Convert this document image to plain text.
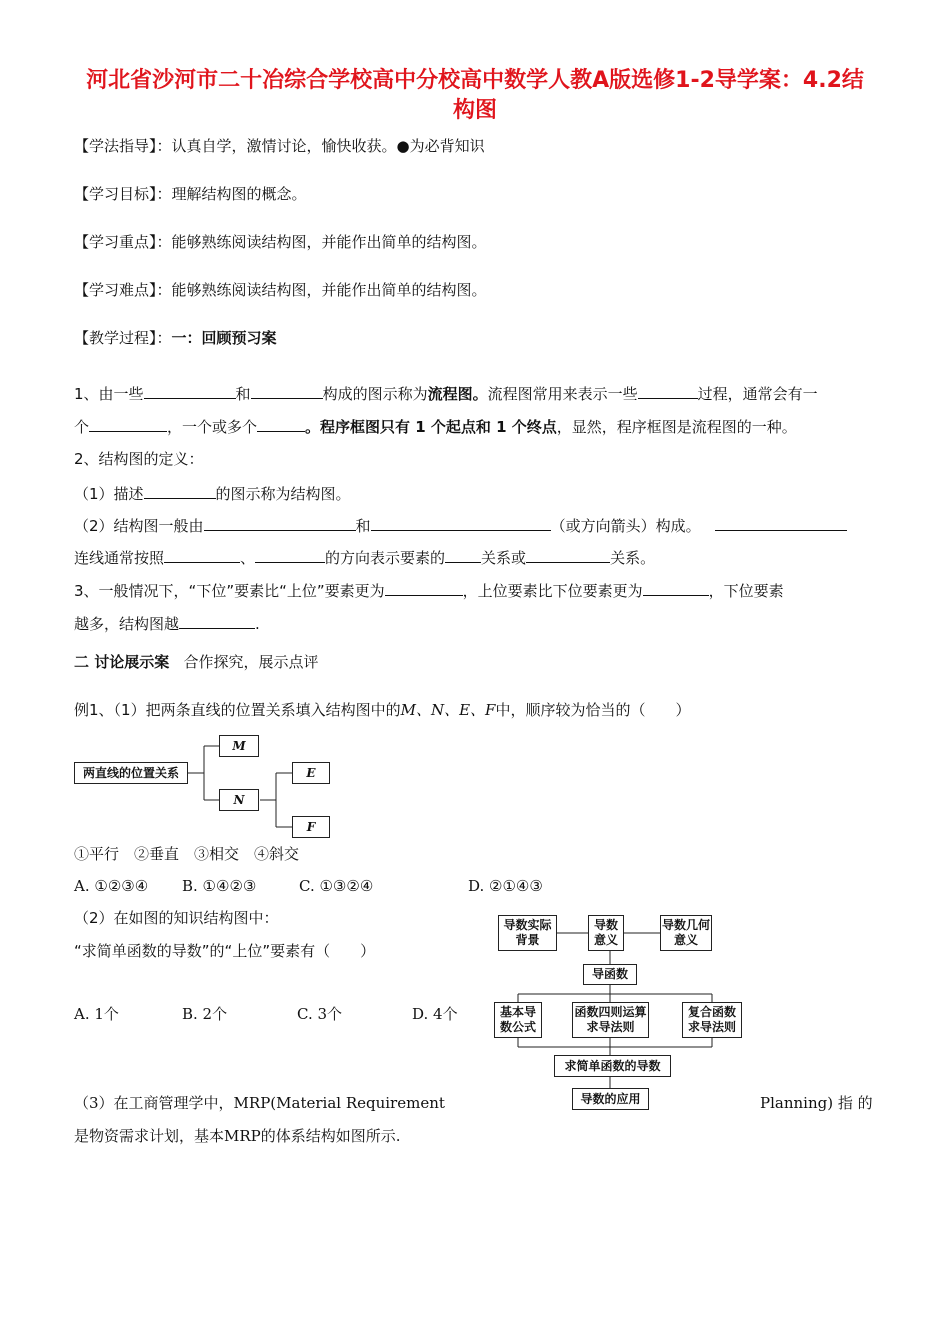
河北省沙河市二十冶综合学校高中分校高中数学人教A版选修1-2导学案：4.2结
构图
【学法指导】：认真自学，激情讨论，愉快收获。●为必背知识
【学习目标】：理解结构图的概念。
【学习重点】：能够熟练阅读结构图，并能作出简单的结构图。
【学习难点】：能够熟练阅读结构图，并能作出简单的结构图。
【教学过程】：一：回顾预习案
1、由一些	和	构成的图示称为流程图。流程图常用来表示一些	过程，通常会有一
个	，一个或多个	。程序框图只有 1 个起点和 1 个终点，显然，程序框图是流程图的一种。
2、结构图的定义：
（1）描述	的图示称为结构图。
（2）结构图一般由	和	（或方向箭头）构成。
连线通常按照	、	的方向表示要素的 关系或	关系。
3、一般情况下，“下位”要素比“上位”要素更为	，上位要素比下位要素更为	，下位要素
越多，结构图越	.
二 讨论展示案 合作探究，展示点评
例1、（1）把两条直线的位置关系填入结构图中的M、N、E、F中，顺序较为恰当的（　　）
两直线的位置关系
M
N
E
F
①平行　②垂直　③相交　④斜交
A. ①②③④ B. ①④②③	C. ①③②④	D. ②①④③
（2）在如图的知识结构图中：
“求简单函数的导数”的“上位”要素有（　　）
A. 1个	B. 2个	C. 3个	D. 4个
导数实际背景
导数意义
导数几何意义
导函数
基本导数公式
函数四则运算求导法则
复合函数求导法则
求简单函数的导数
导数的应用
（3）在工商管理学中，MRP(Material Requirement	Planning) 指 的
是物资需求计划，基本MRP的体系结构如图所示.
